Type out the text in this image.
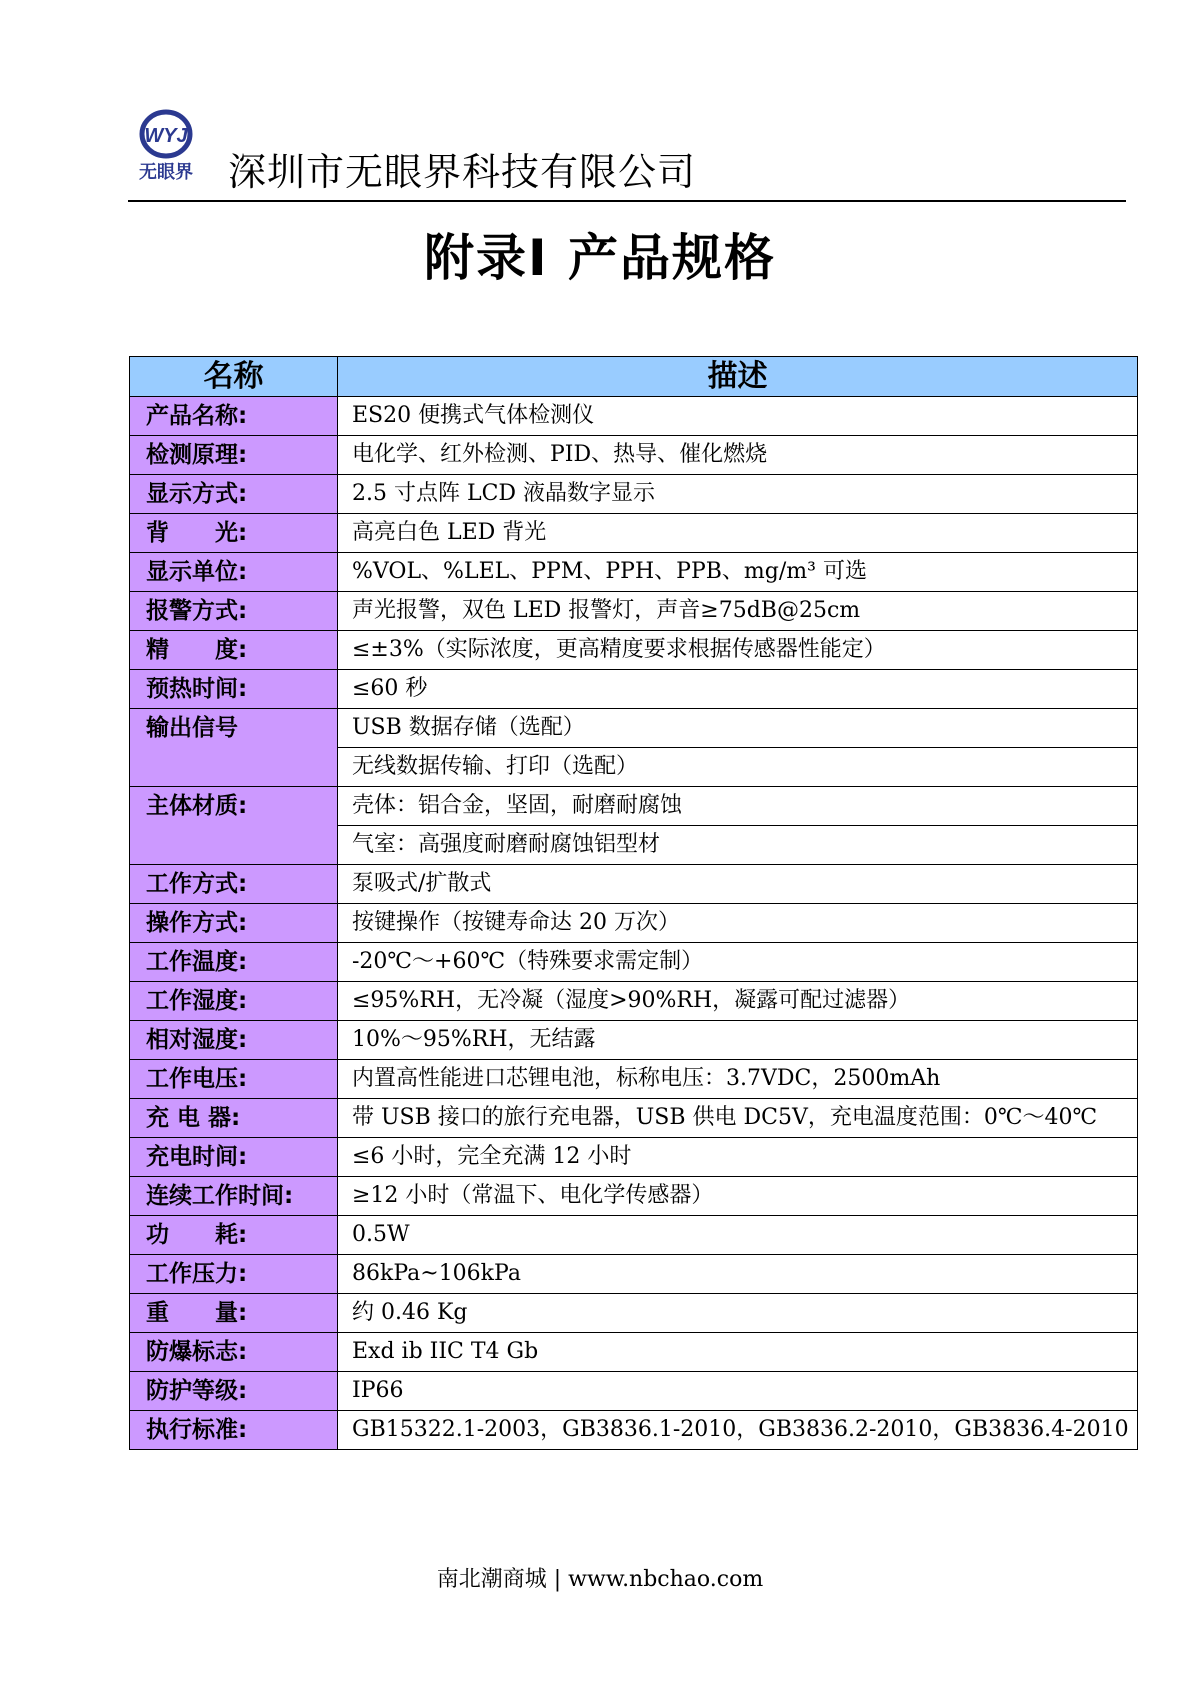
WYJ
无眼界 深圳市无眼界科技有限公司
附录Ⅰ 产品规格
名称	描述
产品名称:	ES20 便携式气体检测仪
检测原理:	电化学、红外检测、PID、热导、催化燃烧
显示方式:	2.5 寸点阵 LCD 液晶数字显示
背　　光:	高亮白色 LED 背光
显示单位:	%VOL、%LEL、PPM、PPH、PPB、mg/m³ 可选
报警方式:	声光报警，双色 LED 报警灯，声音≥75dB@25cm
精　　度:	≤±3%（实际浓度，更高精度要求根据传感器性能定）
预热时间:	≤60 秒
输出信号	USB 数据存储（选配）
	无线数据传输、打印（选配）
主体材质:	壳体：铝合金，坚固，耐磨耐腐蚀
	气室：高强度耐磨耐腐蚀铝型材
工作方式:	泵吸式/扩散式
操作方式:	按键操作（按键寿命达 20 万次）
工作温度:	-20℃～+60℃（特殊要求需定制）
工作湿度:	≤95%RH，无冷凝（湿度>90%RH，凝露可配过滤器）
相对湿度:	10%～95%RH，无结露
工作电压:	内置高性能进口芯锂电池，标称电压：3.7VDC，2500mAh
充 电 器:	带 USB 接口的旅行充电器，USB 供电 DC5V，充电温度范围：0℃～40℃
充电时间:	≤6 小时，完全充满 12 小时
连续工作时间:	≥12 小时（常温下、电化学传感器）
功　　耗:	0.5W
工作压力:	86kPa~106kPa
重　　量:	约 0.46 Kg
防爆标志:	Exd ib IIC T4 Gb
防护等级:	IP66
执行标准:	GB15322.1-2003，GB3836.1-2010，GB3836.2-2010，GB3836.4-2010
南北潮商城 | www.nbchao.com
